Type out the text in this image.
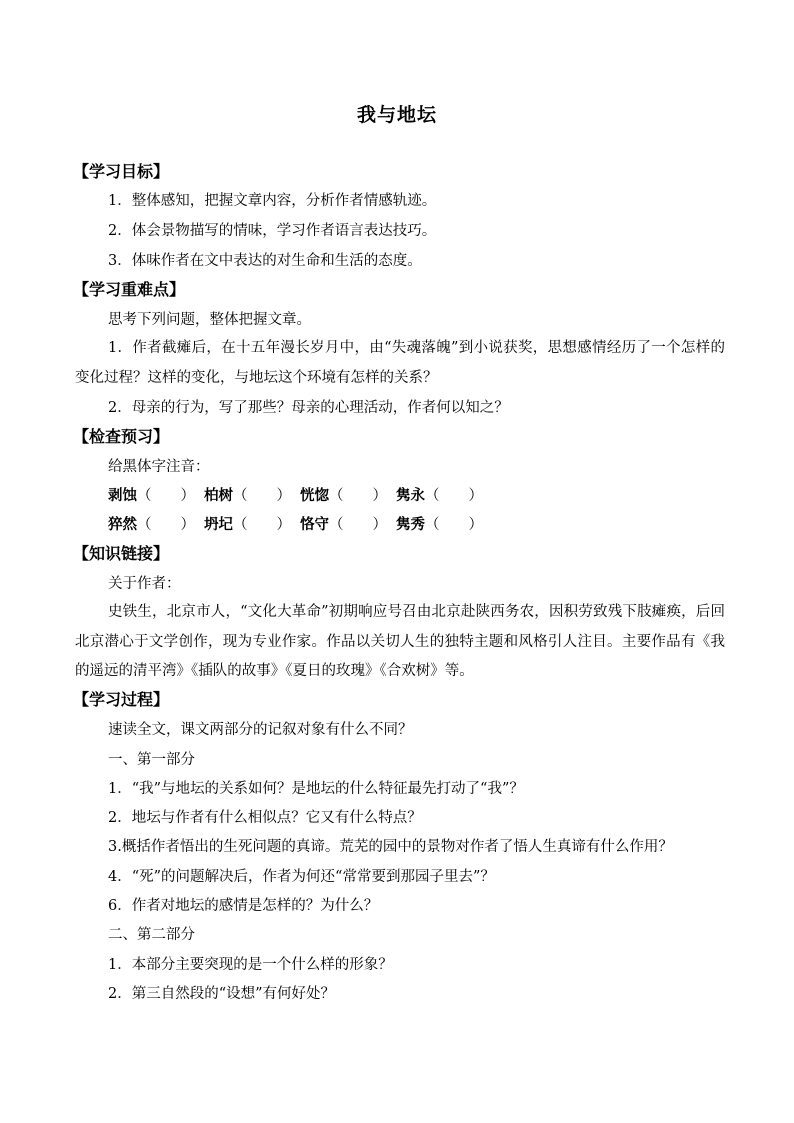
我与地坛
【学习目标】
1．整体感知，把握文章内容，分析作者情感轨迹。
2．体会景物描写的情味，学习作者语言表达技巧。
3．体味作者在文中表达的对生命和生活的态度。
【学习重难点】
思考下列问题，整体把握文章。
1．作者截瘫后，在十五年漫长岁月中，由“失魂落魄”到小说获奖，思想感情经历了一个怎样的变化过程？这样的变化，与地坛这个环境有怎样的关系？
2．母亲的行为，写了那些？母亲的心理活动，作者何以知之？
【检查预习】
给黑体字注音：
剥蚀（　　） 柏树（　　） 恍惚（　　） 隽永（　　）
猝然（　　） 坍圮（　　） 恪守（　　） 隽秀（　　）
【知识链接】
关于作者：
史铁生，北京市人，“文化大革命”初期响应号召由北京赴陕西务农，因积劳致残下肢瘫痪，后回北京潜心于文学创作，现为专业作家。作品以关切人生的独特主题和风格引人注目。主要作品有《我的遥远的清平湾》《插队的故事》《夏日的玫瑰》《合欢树》等。
【学习过程】
速读全文，课文两部分的记叙对象有什么不同？
一、第一部分
1．“我”与地坛的关系如何？是地坛的什么特征最先打动了“我”？
2．地坛与作者有什么相似点？它又有什么特点？
3.概括作者悟出的生死问题的真谛。荒芜的园中的景物对作者了悟人生真谛有什么作用？
4．“死”的问题解决后，作者为何还“常常要到那园子里去”？
6．作者对地坛的感情是怎样的？为什么？
二、第二部分
1．本部分主要突现的是一个什么样的形象？
2．第三自然段的“设想”有何好处？
